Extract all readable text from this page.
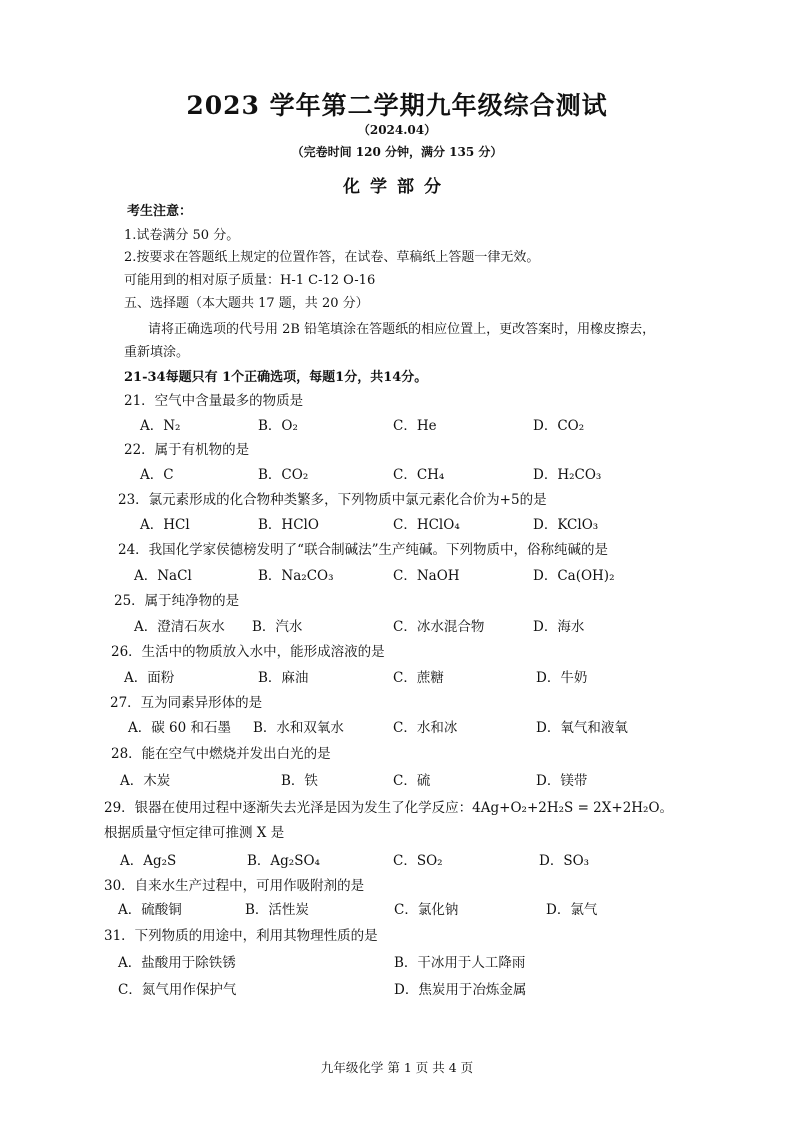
2023 学年第二学期九年级综合测试
（2024.04）
（完卷时间 120 分钟，满分 135 分）
化学部分
考生注意：
1.试卷满分 50 分。
2.按要求在答题纸上规定的位置作答，在试卷、草稿纸上答题一律无效。
可能用到的相对原子质量：H-1 C-12 O-16
五、选择题（本大题共 17 题，共 20 分）
请将正确选项的代号用 2B 铅笔填涂在答题纸的相应位置上，更改答案时，用橡皮擦去，
重新填涂。
21-34每题只有 1个正确选项，每题1分，共14分。
21．空气中含量最多的物质是
A．N₂	B．O₂	C．He	D．CO₂
22．属于有机物的是
A．C	B．CO₂	C．CH₄	D．H₂CO₃
23．氯元素形成的化合物种类繁多，下列物质中氯元素化合价为+5的是
A．HCl	B．HClO	C．HClO₄	D．KClO₃
24．我国化学家侯德榜发明了“联合制碱法”生产纯碱。下列物质中，俗称纯碱的是
A．NaCl	B．Na₂CO₃	C．NaOH	D．Ca(OH)₂
25．属于纯净物的是
A．澄清石灰水 B．汽水	C．冰水混合物	D．海水
26．生活中的物质放入水中，能形成溶液的是
A．面粉	B．麻油	C．蔗糖	D．牛奶
27．互为同素异形体的是
A．碳 60 和石墨 B．水和双氧水	C．水和冰	D．氧气和液氧
28．能在空气中燃烧并发出白光的是
A．木炭	B．铁	C．硫	D．镁带
29．银器在使用过程中逐渐失去光泽是因为发生了化学反应：4Ag+O₂+2H₂S = 2X+2H₂O。
根据质量守恒定律可推测 X 是
A．Ag₂S	B．Ag₂SO₄	C．SO₂	D．SO₃
30．自来水生产过程中，可用作吸附剂的是
A．硫酸铜	B．活性炭	C．氯化钠	D．氯气
31．下列物质的用途中，利用其物理性质的是
A．盐酸用于除铁锈	B．干冰用于人工降雨
C．氮气用作保护气	D．焦炭用于冶炼金属
九年级化学 第 1 页 共 4 页
